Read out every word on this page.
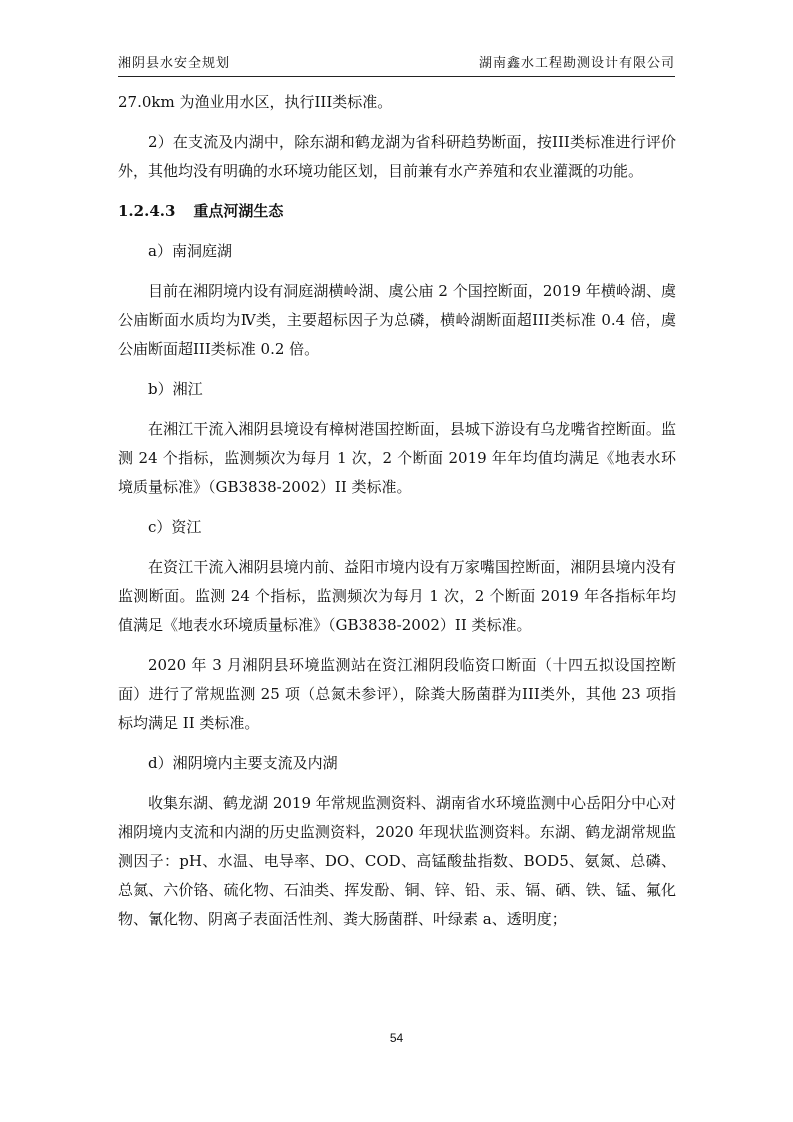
湘阴县水安全规划	湖南鑫水工程勘测设计有限公司

27.0km 为渔业用水区，执行III类标准。

2）在支流及内湖中，除东湖和鹤龙湖为省科研趋势断面，按III类标准进行评价外，其他均没有明确的水环境功能区划，目前兼有水产养殖和农业灌溉的功能。

1.2.4.3 重点河湖生态
a）南洞庭湖

目前在湘阴境内设有洞庭湖横岭湖、虞公庙 2 个国控断面，2019 年横岭湖、虞公庙断面水质均为Ⅳ类，主要超标因子为总磷，横岭湖断面超III类标准 0.4 倍，虞公庙断面超III类标准 0.2 倍。

b）湘江

在湘江干流入湘阴县境设有樟树港国控断面，县城下游设有乌龙嘴省控断面。监测 24 个指标，监测频次为每月 1 次，2 个断面 2019 年年均值均满足《地表水环境质量标准》（GB3838-2002）II 类标准。

c）资江

在资江干流入湘阴县境内前、益阳市境内设有万家嘴国控断面，湘阴县境内没有监测断面。监测 24 个指标，监测频次为每月 1 次，2 个断面 2019 年各指标年均值满足《地表水环境质量标准》（GB3838-2002）II 类标准。

2020 年 3 月湘阴县环境监测站在资江湘阴段临资口断面（十四五拟设国控断面）进行了常规监测 25 项（总氮未参评），除粪大肠菌群为III类外，其他 23 项指标均满足 II 类标准。

d）湘阴境内主要支流及内湖

收集东湖、鹤龙湖 2019 年常规监测资料、湖南省水环境监测中心岳阳分中心对湘阴境内支流和内湖的历史监测资料，2020 年现状监测资料。东湖、鹤龙湖常规监测因子：pH、水温、电导率、DO、COD、高锰酸盐指数、BOD5、氨氮、总磷、总氮、六价铬、硫化物、石油类、挥发酚、铜、锌、铅、汞、镉、硒、铁、锰、氟化物、氰化物、阴离子表面活性剂、粪大肠菌群、叶绿素 a、透明度；

54
